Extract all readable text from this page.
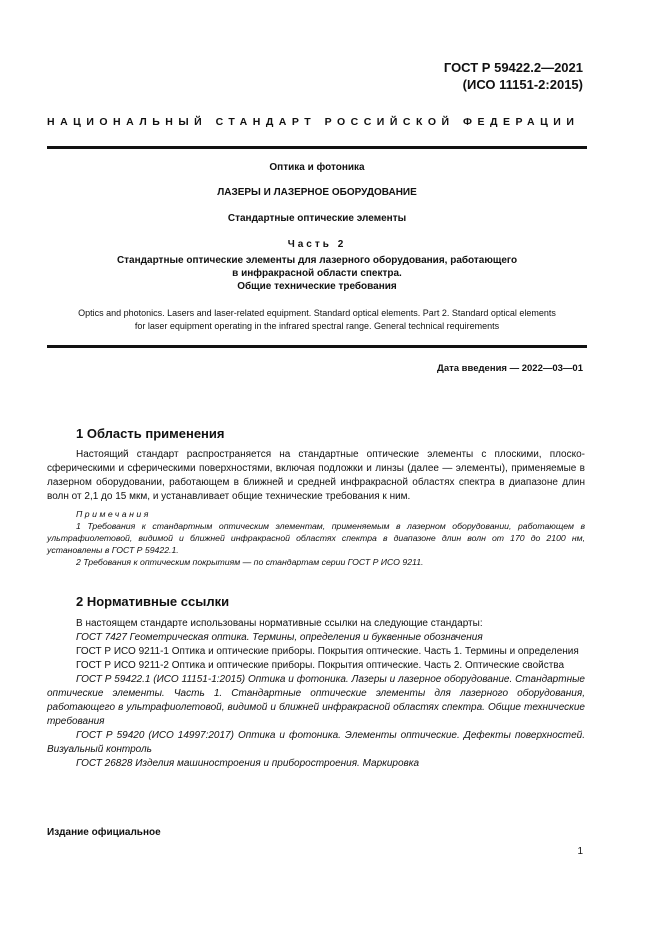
ГОСТ Р 59422.2—2021
(ИСО 11151-2:2015)
НАЦИОНАЛЬНЫЙ СТАНДАРТ РОССИЙСКОЙ ФЕДЕРАЦИИ
Оптика и фотоника
ЛАЗЕРЫ И ЛАЗЕРНОЕ ОБОРУДОВАНИЕ
Стандартные оптические элементы
Часть 2
Стандартные оптические элементы для лазерного оборудования, работающего
в инфракрасной области спектра.
Общие технические требования
Optics and photonics. Lasers and laser-related equipment. Standard optical elements. Part 2. Standard optical elements
for laser equipment operating in the infrared spectral range. General technical requirements
Дата введения — 2022—03—01
1 Область применения

Настоящий стандарт распространяется на стандартные оптические элементы с плоскими, плоско-сферическими и сферическими поверхностями, включая подложки и линзы (далее — элементы), применяемые в лазерном оборудовании, работающем в ближней и средней инфракрасной областях спектра в диапазоне длин волн от 2,1 до 15 мкм, и устанавливает общие технические требования к ним.

Примечания

1 Требования к стандартным оптическим элементам, применяемым в лазерном оборудовании, работающем в ультрафиолетовой, видимой и ближней инфракрасной областях спектра в диапазоне длин волн от 170 до 2100 нм, установлены в ГОСТ Р 59422.1.

2 Требования к оптическим покрытиям — по стандартам серии ГОСТ Р ИСО 9211.

2 Нормативные ссылки

В настоящем стандарте использованы нормативные ссылки на следующие стандарты:

ГОСТ 7427 Геометрическая оптика. Термины, определения и буквенные обозначения

ГОСТ Р ИСО 9211-1 Оптика и оптические приборы. Покрытия оптические. Часть 1. Термины и определения

ГОСТ Р ИСО 9211-2 Оптика и оптические приборы. Покрытия оптические. Часть 2. Оптические свойства

ГОСТ Р 59422.1 (ИСО 11151-1:2015) Оптика и фотоника. Лазеры и лазерное оборудование. Стандартные оптические элементы. Часть 1. Стандартные оптические элементы для лазерного оборудования, работающего в ультрафиолетовой, видимой и ближней инфракрасной областях спектра. Общие технические требования

ГОСТ Р 59420 (ИСО 14997:2017) Оптика и фотоника. Элементы оптические. Дефекты поверхностей. Визуальный контроль

ГОСТ 26828 Изделия машиностроения и приборостроения. Маркировка

Издание официальное
1
